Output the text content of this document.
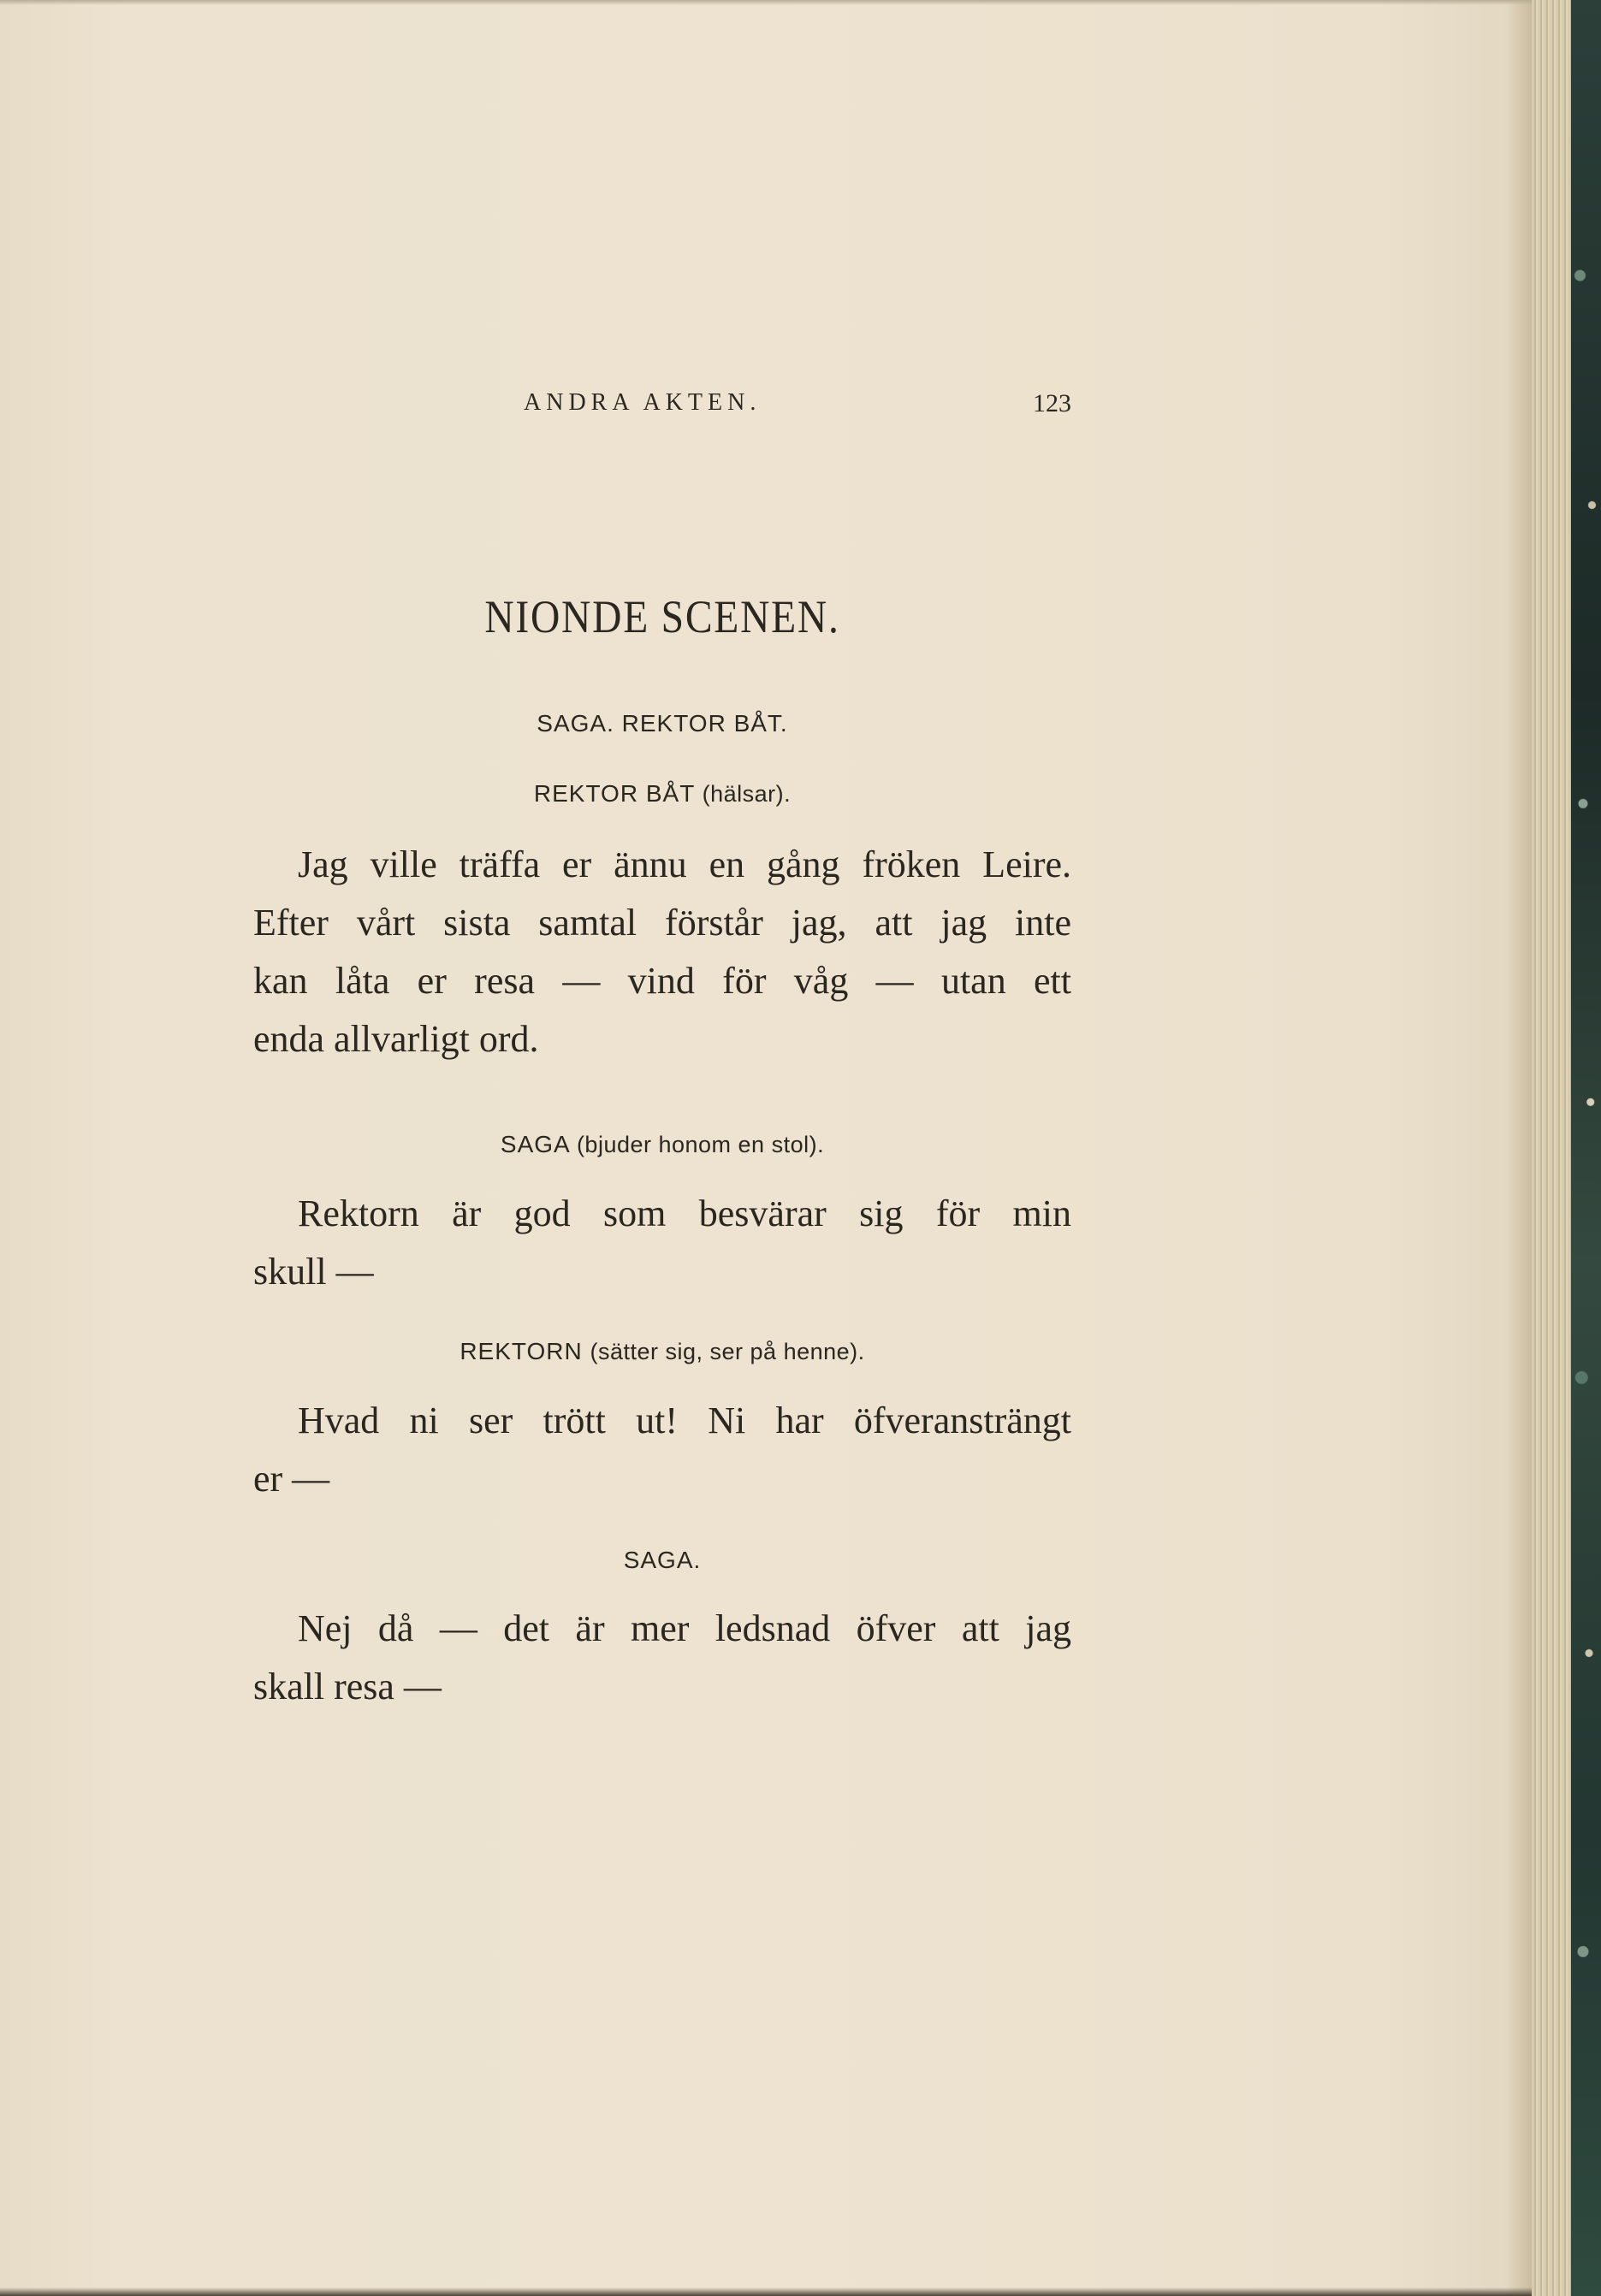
ANDRA AKTEN.	123
NIONDE SCENEN.
SAGA. REKTOR BÅT.
REKTOR BÅT (hälsar).
Jag ville träffa er ännu en gång fröken Leire.
Efter vårt sista samtal förstår jag, att jag inte
kan låta er resa — vind för våg — utan ett
enda allvarligt ord.
SAGA (bjuder honom en stol).
Rektorn är god som besvärar sig för min
skull —
REKTORN (sätter sig, ser på henne).
Hvad ni ser trött ut! Ni har öfveransträngt
er —
SAGA.
Nej då — det är mer ledsnad öfver att jag
skall resa —
